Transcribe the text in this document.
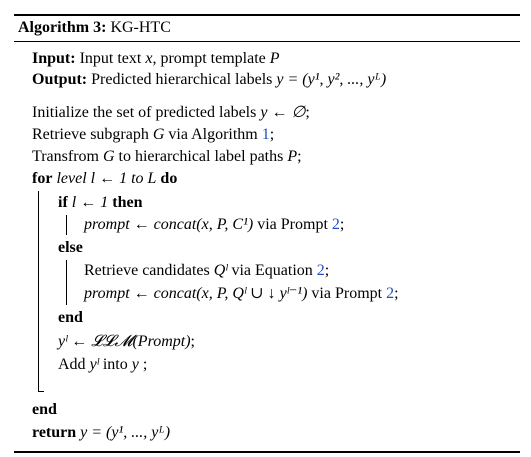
Algorithm 3: KG-HTC
Input: Input text x, prompt template P
Output: Predicted hierarchical labels y = (y¹, y², ..., yᴸ)
Initialize the set of predicted labels y ← ∅;
Retrieve subgraph G via Algorithm 1;
Transfrom G to hierarchical label paths P;
for level l ← 1 to L do
if l ← 1 then
prompt ← concat(x, P, C¹) via Prompt 2;
else
Retrieve candidates Qˡ via Equation 2;
prompt ← concat(x, P, Qˡ ∪ ↓ yˡ⁻¹) via Prompt 2;
end
yˡ ← 𝓛𝓛𝓜(Prompt);
Add yˡ into y ;
end
return y = (y¹, ..., yᴸ)
